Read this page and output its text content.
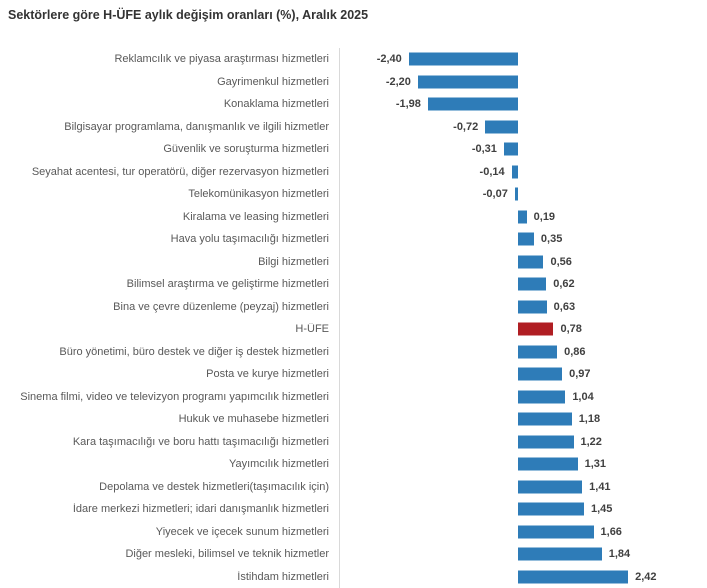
Sektörlere göre H-ÜFE aylık değişim oranları (%), Aralık 2025
Reklamcılık ve piyasa araştırması hizmetleri	-2,40
Gayrimenkul hizmetleri	-2,20
Konaklama hizmetleri	-1,98
Bilgisayar programlama, danışmanlık ve ilgili hizmetler	-0,72
Güvenlik ve soruşturma hizmetleri	-0,31
Seyahat acentesi, tur operatörü, diğer rezervasyon hizmetleri	-0,14
Telekomünikasyon hizmetleri	-0,07
Kiralama ve leasing hizmetleri	0,19
Hava yolu taşımacılığı hizmetleri	0,35
Bilgi hizmetleri	0,56
Bilimsel araştırma ve geliştirme hizmetleri	0,62
Bina ve çevre düzenleme (peyzaj) hizmetleri	0,63
H-ÜFE	0,78
Büro yönetimi, büro destek ve diğer iş destek hizmetleri	0,86
Posta ve kurye hizmetleri	0,97
Sinema filmi, video ve televizyon programı yapımcılık hizmetleri	1,04
Hukuk ve muhasebe hizmetleri	1,18
Kara taşımacılığı ve boru hattı taşımacılığı hizmetleri	1,22
Yayımcılık hizmetleri	1,31
Depolama ve destek hizmetleri(taşımacılık için)	1,41
İdare merkezi hizmetleri; idari danışmanlık hizmetleri	1,45
Yiyecek ve içecek sunum hizmetleri	1,66
Diğer mesleki, bilimsel ve teknik hizmetler	1,84
İstihdam hizmetleri	2,42
